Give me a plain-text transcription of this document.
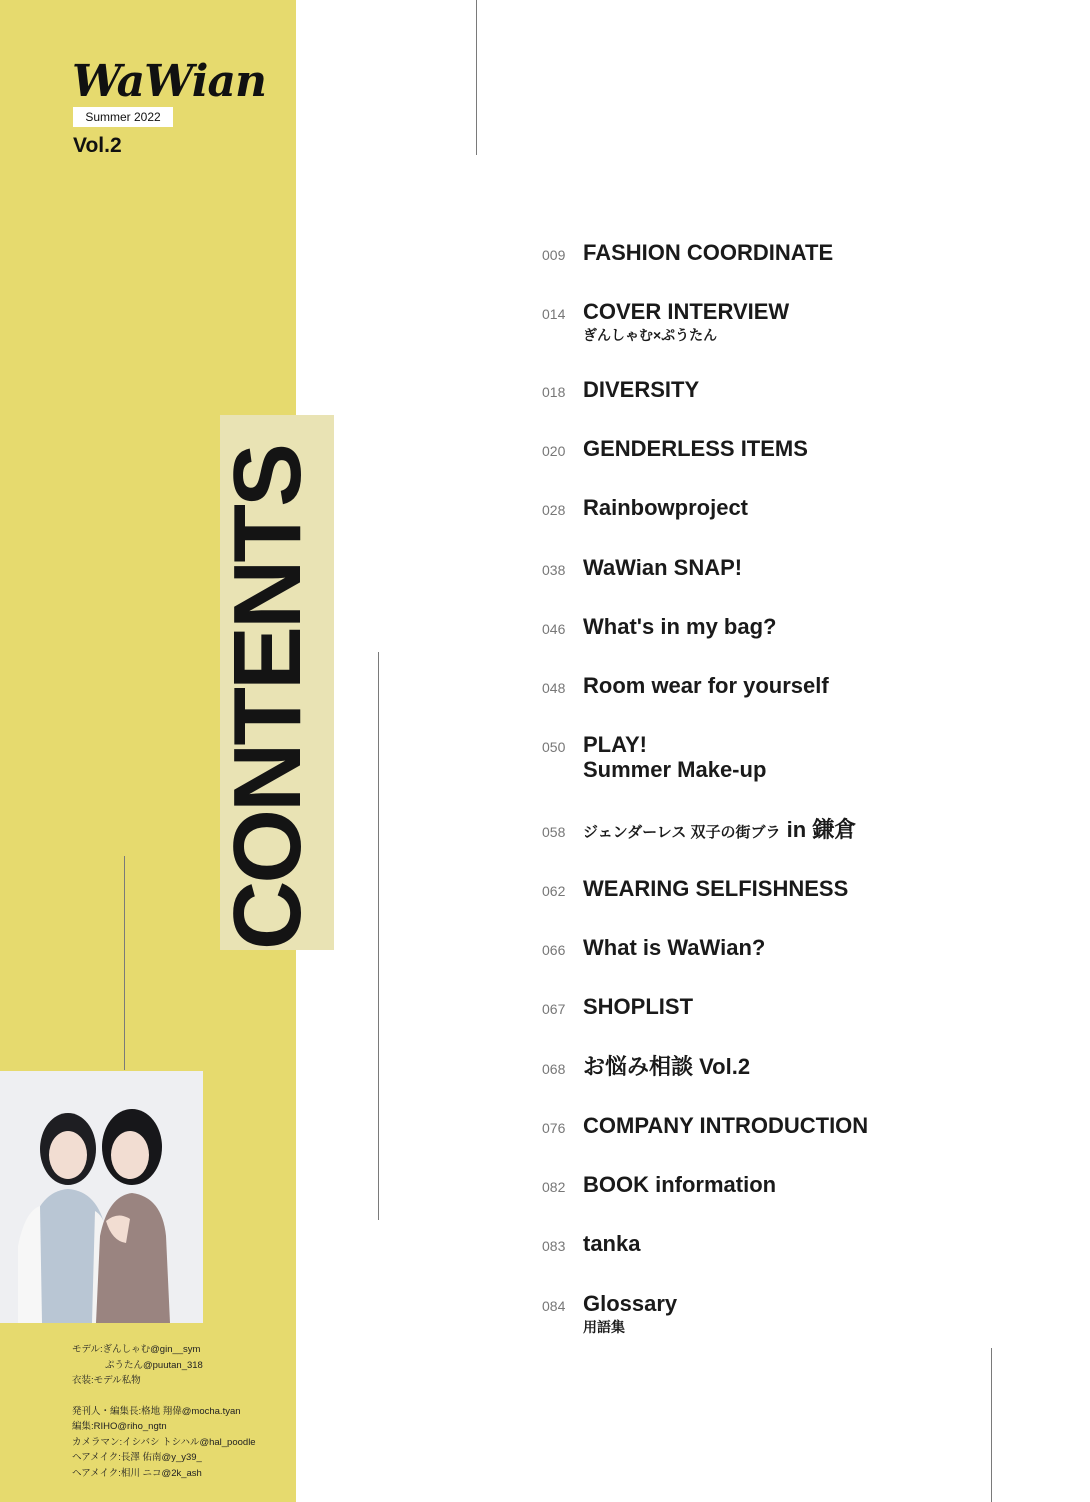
WaWian
Summer 2022
Vol.2
CONTENTS
モデル:ぎんしゃむ@gin__sym
ぷうたん@puutan_318
衣装:モデル私物
発刊人・編集長:格地 翔偉@mocha.tyan
編集:RIHO@riho_ngtn
カメラマン:イシバシ トシハル@hal_poodle
ヘアメイク:長澤 佑南@y_y39_
ヘアメイク:相川 ニコ@2k_ash
009 FASHION COORDINATE
014 COVER INTERVIEW
ぎんしゃむ×ぷうたん
018 DIVERSITY
020 GENDERLESS ITEMS
028 Rainbowproject
038 WaWian SNAP!
046 What's in my bag?
048 Room wear for yourself
050 PLAY!
Summer Make-up
058 ジェンダーレス 双子の街ブラ in 鎌倉
062 WEARING SELFISHNESS
066 What is WaWian?
067 SHOPLIST
068 お悩み相談 Vol.2
076 COMPANY INTRODUCTION
082 BOOK information
083 tanka
084 Glossary
用語集
